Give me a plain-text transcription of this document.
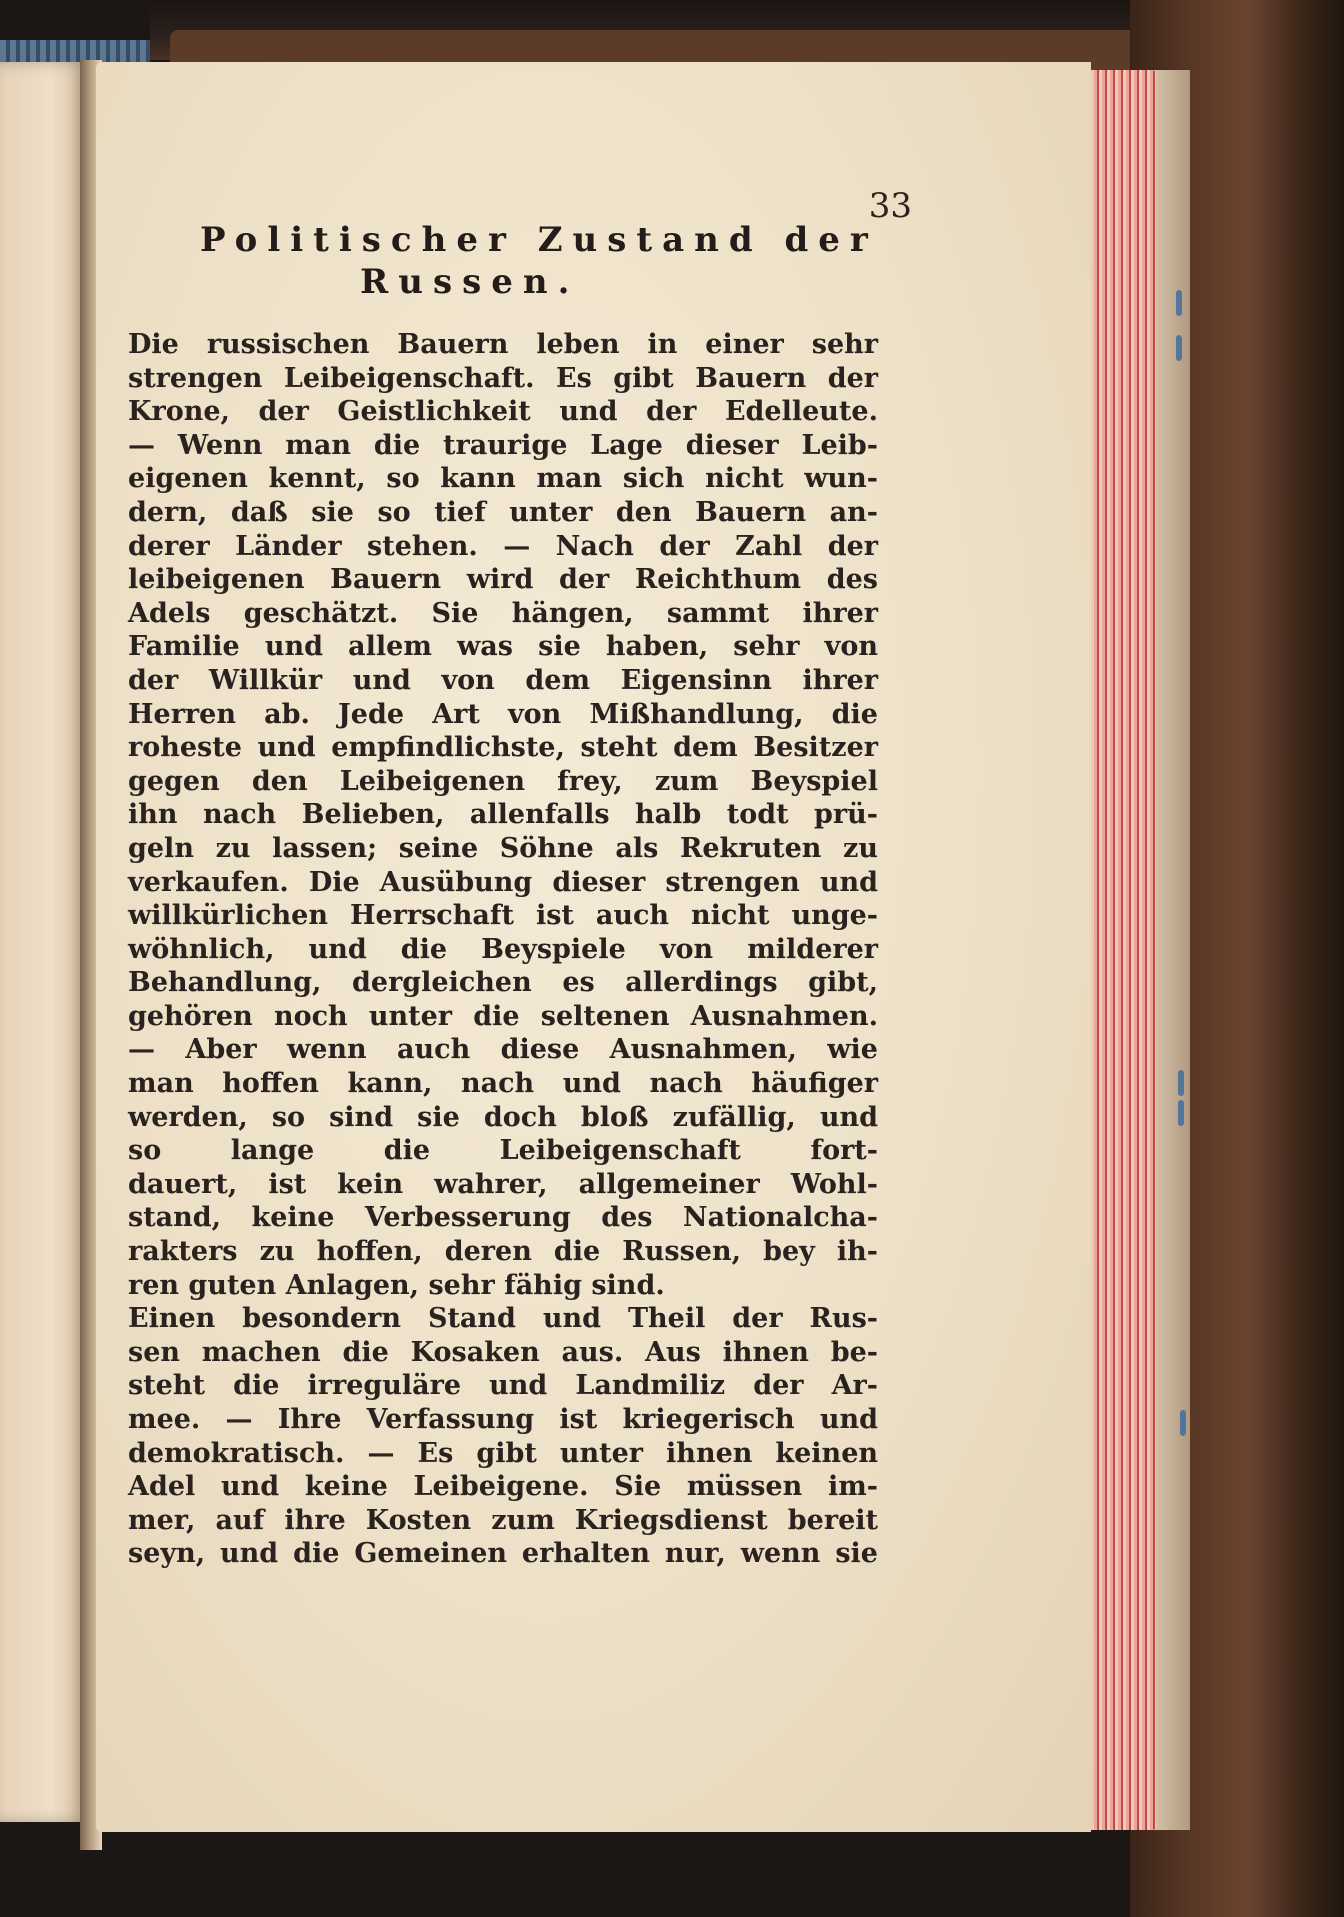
33
Politischer Zustand der
Russen.
Die russischen Bauern leben in einer sehr
strengen Leibeigenschaft. Es gibt Bauern der
Krone, der Geistlichkeit und der Edelleute.
— Wenn man die traurige Lage dieser Leib-
eigenen kennt, so kann man sich nicht wun-
dern, daß sie so tief unter den Bauern an-
derer Länder stehen. — Nach der Zahl der
leibeigenen Bauern wird der Reichthum des
Adels geschätzt. Sie hängen, sammt ihrer
Familie und allem was sie haben, sehr von
der Willkür und von dem Eigensinn ihrer
Herren ab. Jede Art von Mißhandlung, die
roheste und empfindlichste, steht dem Besitzer
gegen den Leibeigenen frey, zum Beyspiel
ihn nach Belieben, allenfalls halb todt prü-
geln zu lassen; seine Söhne als Rekruten zu
verkaufen. Die Ausübung dieser strengen und
willkürlichen Herrschaft ist auch nicht unge-
wöhnlich, und die Beyspiele von milderer
Behandlung, dergleichen es allerdings gibt,
gehören noch unter die seltenen Ausnahmen.
— Aber wenn auch diese Ausnahmen, wie
man hoffen kann, nach und nach häufiger
werden, so sind sie doch bloß zufällig, und
so lange die Leibeigenschaft fort-
dauert, ist kein wahrer, allgemeiner Wohl-
stand, keine Verbesserung des Nationalcha-
rakters zu hoffen, deren die Russen, bey ih-
ren guten Anlagen, sehr fähig sind.
Einen besondern Stand und Theil der Rus-
sen machen die Kosaken aus. Aus ihnen be-
steht die irreguläre und Landmiliz der Ar-
mee. — Ihre Verfassung ist kriegerisch und
demokratisch. — Es gibt unter ihnen keinen
Adel und keine Leibeigene. Sie müssen im-
mer, auf ihre Kosten zum Kriegsdienst bereit
seyn, und die Gemeinen erhalten nur, wenn sie
